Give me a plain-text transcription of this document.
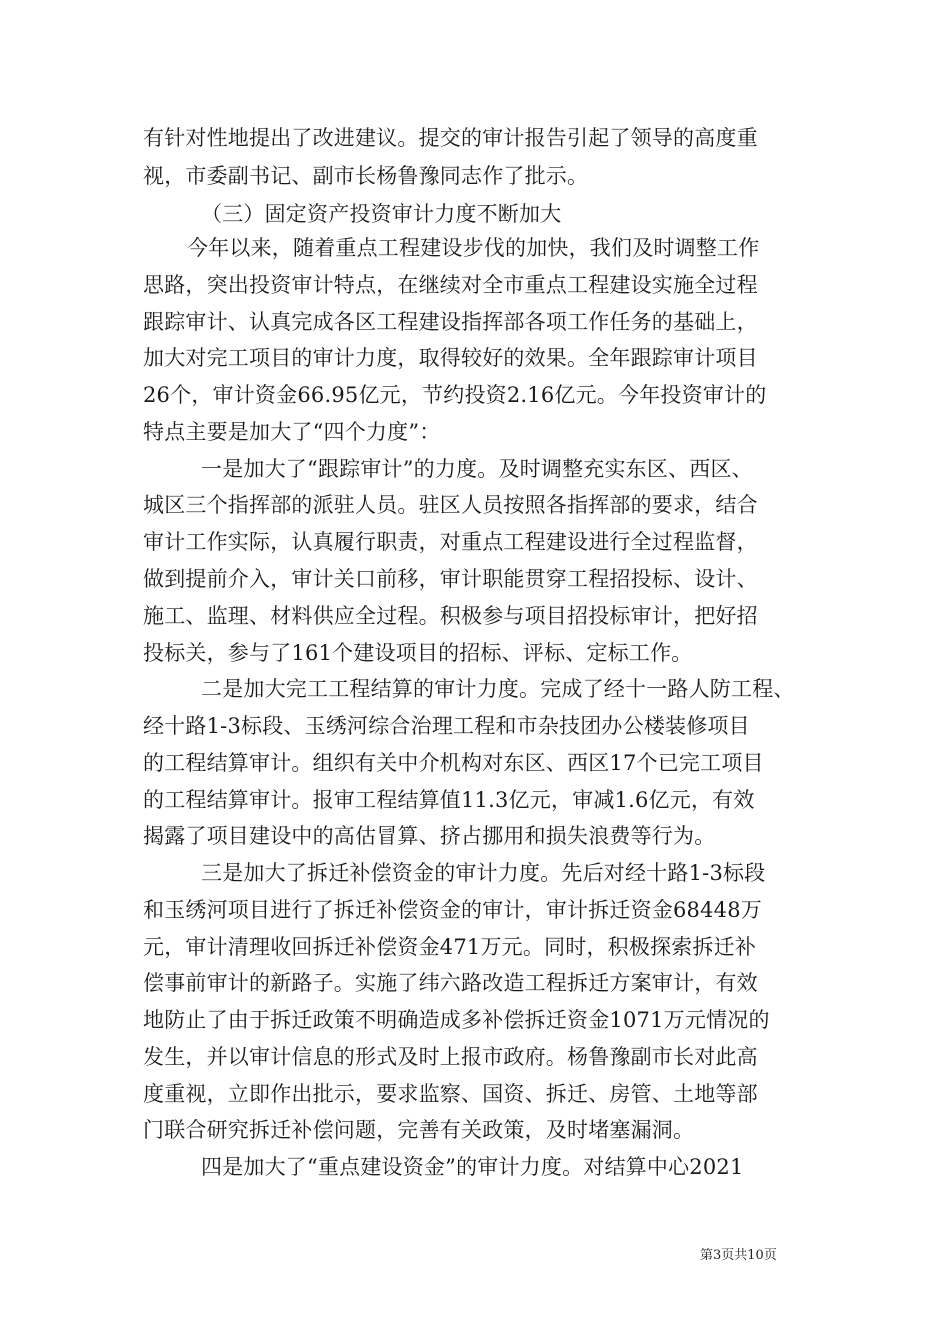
有针对性地提出了改进建议。提交的审计报告引起了领导的高度重
视，市委副书记、副市长杨鲁豫同志作了批示。
（三）固定资产投资审计力度不断加大
今年以来，随着重点工程建设步伐的加快，我们及时调整工作
思路，突出投资审计特点，在继续对全市重点工程建设实施全过程
跟踪审计、认真完成各区工程建设指挥部各项工作任务的基础上，
加大对完工项目的审计力度，取得较好的效果。全年跟踪审计项目
26个，审计资金66.95亿元，节约投资2.16亿元。今年投资审计的
特点主要是加大了“四个力度”：
一是加大了“跟踪审计”的力度。及时调整充实东区、西区、
城区三个指挥部的派驻人员。驻区人员按照各指挥部的要求，结合
审计工作实际，认真履行职责，对重点工程建设进行全过程监督，
做到提前介入，审计关口前移，审计职能贯穿工程招投标、设计、
施工、监理、材料供应全过程。积极参与项目招投标审计，把好招
投标关，参与了161个建设项目的招标、评标、定标工作。
二是加大完工工程结算的审计力度。完成了经十一路人防工程、
经十路1-3标段、玉绣河综合治理工程和市杂技团办公楼装修项目
的工程结算审计。组织有关中介机构对东区、西区17个已完工项目
的工程结算审计。报审工程结算值11.3亿元，审减1.6亿元，有效
揭露了项目建设中的高估冒算、挤占挪用和损失浪费等行为。
三是加大了拆迁补偿资金的审计力度。先后对经十路1-3标段
和玉绣河项目进行了拆迁补偿资金的审计，审计拆迁资金68448万
元，审计清理收回拆迁补偿资金471万元。同时，积极探索拆迁补
偿事前审计的新路子。实施了纬六路改造工程拆迁方案审计，有效
地防止了由于拆迁政策不明确造成多补偿拆迁资金1071万元情况的
发生，并以审计信息的形式及时上报市政府。杨鲁豫副市长对此高
度重视，立即作出批示，要求监察、国资、拆迁、房管、土地等部
门联合研究拆迁补偿问题，完善有关政策，及时堵塞漏洞。
四是加大了“重点建设资金”的审计力度。对结算中心2021
第3页共10页
